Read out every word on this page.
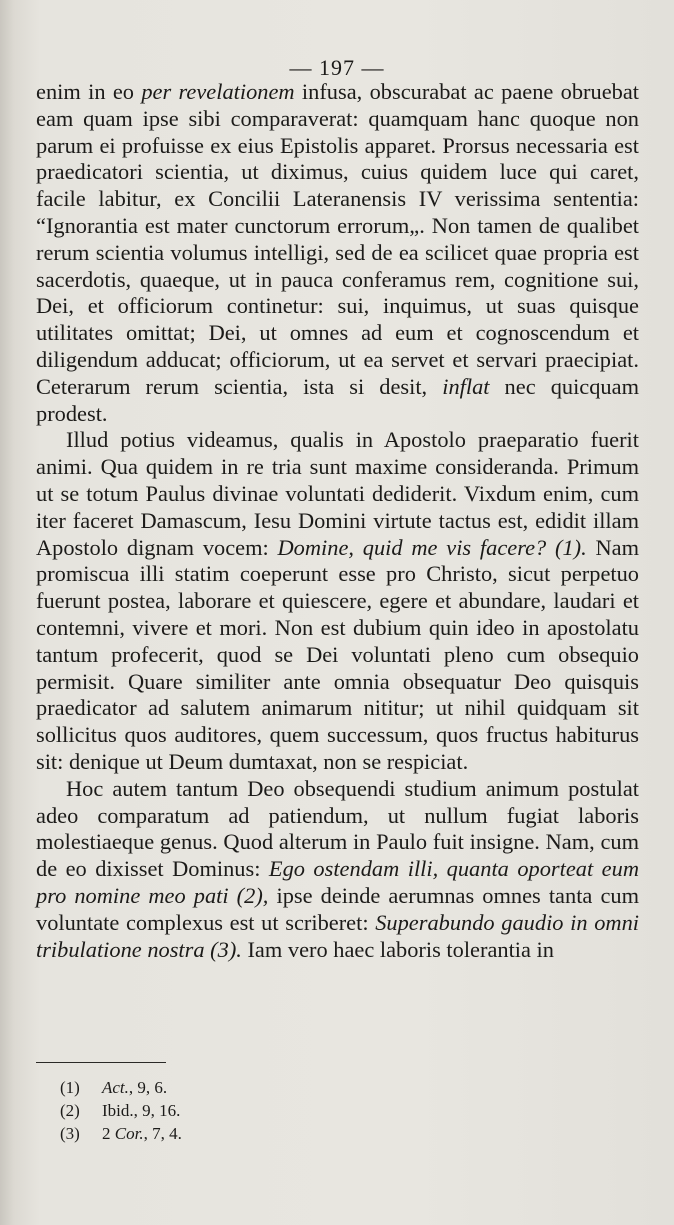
— 197 —

enim in eo per revelationem infusa, obscurabat ac paene obruebat eam quam ipse sibi comparaverat: quamquam hanc quoque non parum ei profuisse ex eius Epistolis apparet. Prorsus necessaria est praedicatori scientia, ut diximus, cuius quidem luce qui caret, facile labitur, ex Concilii Lateranensis IV verissima sententia: “Ignorantia est mater cunctorum errorum„. Non tamen de qualibet rerum scientia volumus intelligi, sed de ea scilicet quae propria est sacerdotis, quaeque, ut in pauca conferamus rem, cognitione sui, Dei, et officiorum continetur: sui, inquimus, ut suas quisque utilitates omittat; Dei, ut omnes ad eum et cognoscendum et diligendum adducat; officiorum, ut ea servet et servari praecipiat. Ceterarum rerum scientia, ista si desit, inflat nec quicquam prodest.

Illud potius videamus, qualis in Apostolo praeparatio fuerit animi. Qua quidem in re tria sunt maxime consideranda. Primum ut se totum Paulus divinae voluntati dediderit. Vixdum enim, cum iter faceret Damascum, Iesu Domini virtute tactus est, edidit illam Apostolo dignam vocem: Domine, quid me vis facere? (1). Nam promiscua illi statim coeperunt esse pro Christo, sicut perpetuo fuerunt postea, laborare et quiescere, egere et abundare, laudari et contemni, vivere et mori. Non est dubium quin ideo in apostolatu tantum profecerit, quod se Dei voluntati pleno cum obsequio permisit. Quare similiter ante omnia obsequatur Deo quisquis praedicator ad salutem animarum nititur; ut nihil quidquam sit sollicitus quos auditores, quem successum, quos fructus habiturus sit: denique ut Deum dumtaxat, non se respiciat.

Hoc autem tantum Deo obsequendi studium animum postulat adeo comparatum ad patiendum, ut nullum fugiat laboris molestiaeque genus. Quod alterum in Paulo fuit insigne. Nam, cum de eo dixisset Dominus: Ego ostendam illi, quanta oporteat eum pro nomine meo pati (2), ipse deinde aerumnas omnes tanta cum voluntate complexus est ut scriberet: Superabundo gaudio in omni tribulatione nostra (3). Iam vero haec laboris tolerantia in

(1) Act., 9, 6.
(2) Ibid., 9, 16.
(3) 2 Cor., 7, 4.
